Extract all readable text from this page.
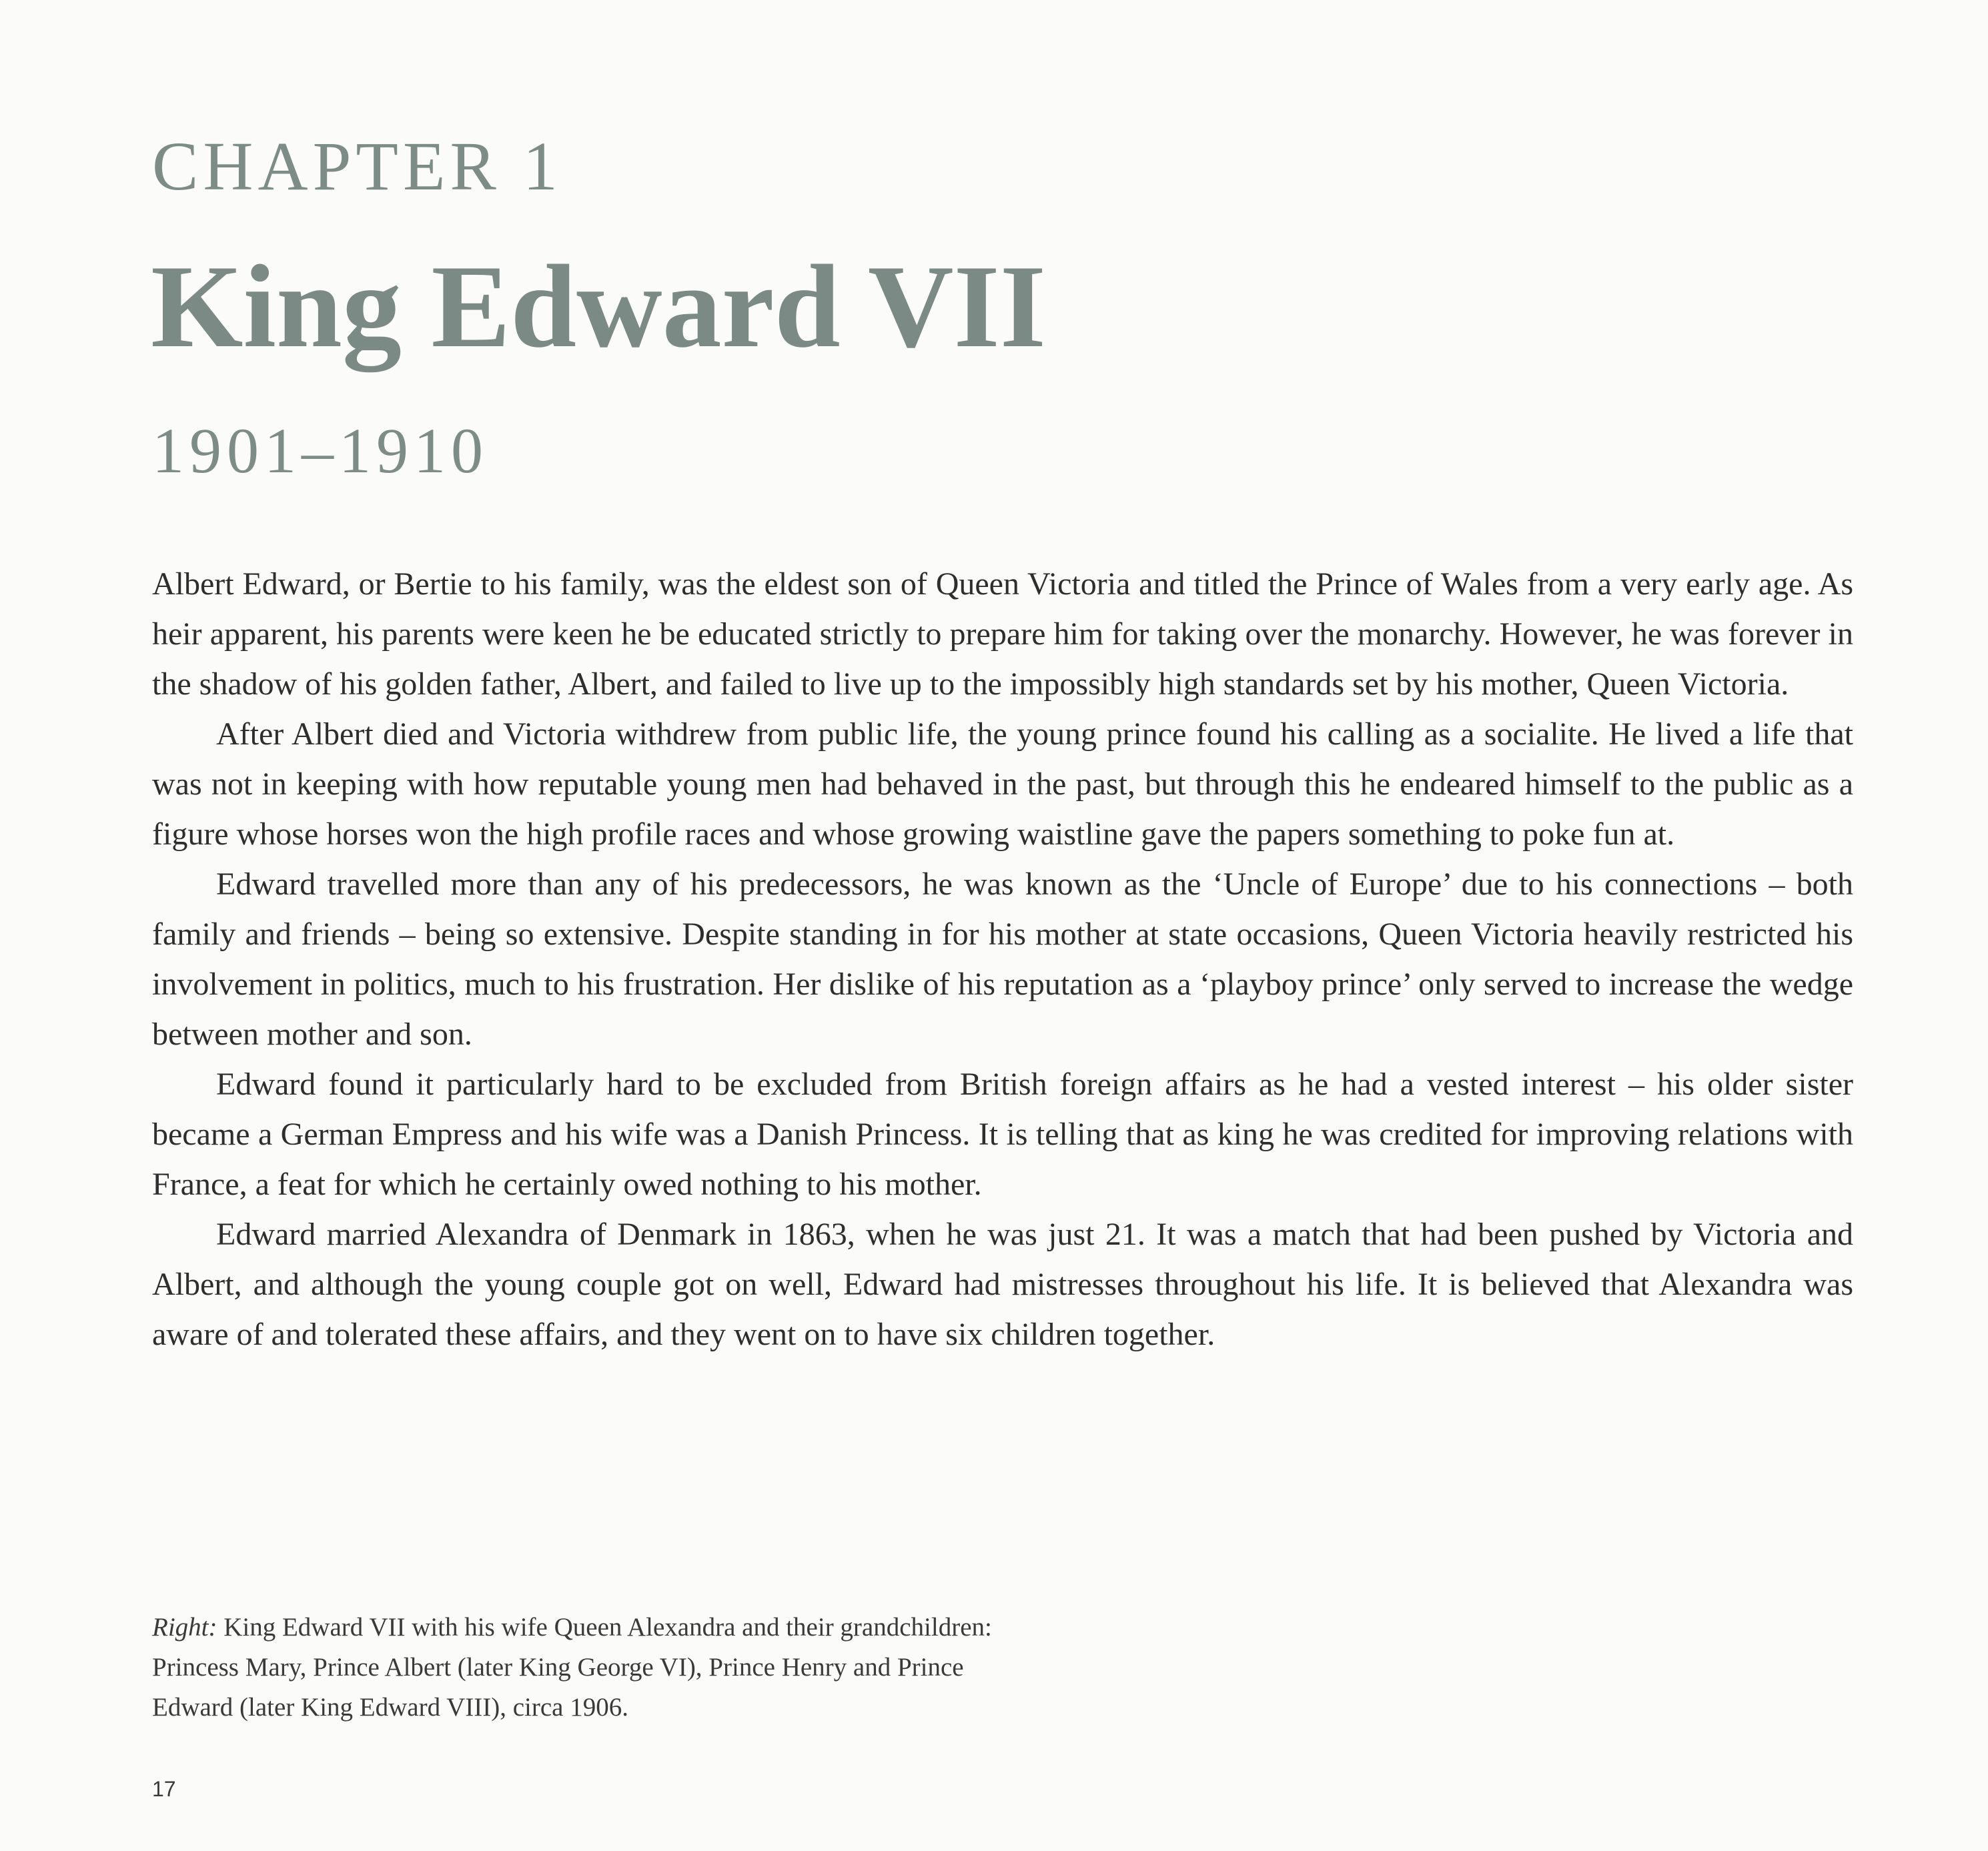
CHAPTER 1
King Edward VII
1901–1910

Albert Edward, or Bertie to his family, was the eldest son of Queen Victoria and titled the Prince of Wales from a very early age. As heir apparent, his parents were keen he be educated strictly to prepare him for taking over the monarchy. However, he was forever in the shadow of his golden father, Albert, and failed to live up to the impossibly high standards set by his mother, Queen Victoria.

After Albert died and Victoria withdrew from public life, the young prince found his calling as a socialite. He lived a life that was not in keeping with how reputable young men had behaved in the past, but through this he endeared himself to the public as a figure whose horses won the high profile races and whose growing waistline gave the papers something to poke fun at.

Edward travelled more than any of his predecessors, he was known as the ‘Uncle of Europe’ due to his connections – both family and friends – being so extensive. Despite standing in for his mother at state occasions, Queen Victoria heavily restricted his involvement in politics, much to his frustration. Her dislike of his reputation as a ‘playboy prince’ only served to increase the wedge between mother and son.

Edward found it particularly hard to be excluded from British foreign affairs as he had a vested interest – his older sister became a German Empress and his wife was a Danish Princess. It is telling that as king he was credited for improving relations with France, a feat for which he certainly owed nothing to his mother.

Edward married Alexandra of Denmark in 1863, when he was just 21. It was a match that had been pushed by Victoria and Albert, and although the young couple got on well, Edward had mistresses throughout his life. It is believed that Alexandra was aware of and tolerated these affairs, and they went on to have six children together.

Right: King Edward VII with his wife Queen Alexandra and their grandchildren: Princess Mary, Prince Albert (later King George VI), Prince Henry and Prince Edward (later King Edward VIII), circa 1906.
17
